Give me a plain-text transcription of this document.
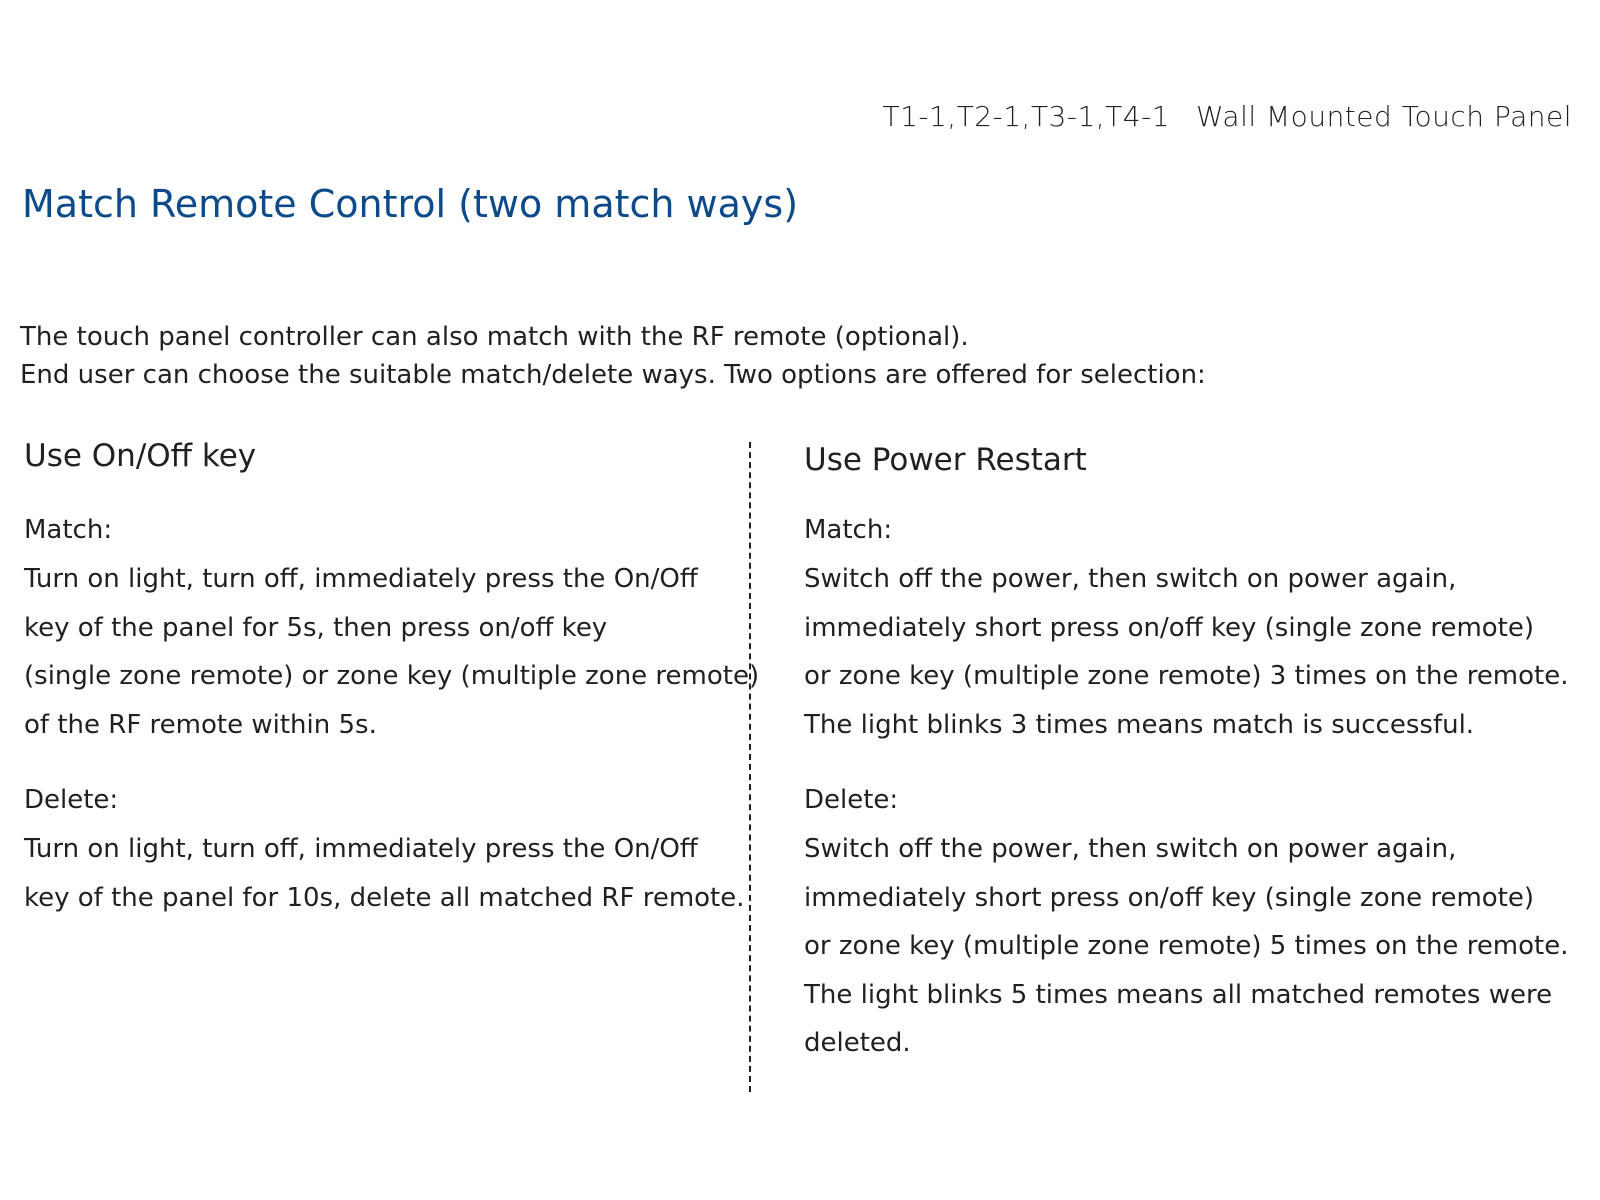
T1-1,T2-1,T3-1,T4-1 Wall Mounted Touch Panel
Match Remote Control (two match ways)
The touch panel controller can also match with the RF remote (optional).
End user can choose the suitable match/delete ways. Two options are offered for selection:
Use On/Off key
Match:
Turn on light, turn off, immediately press the On/Off
key of the panel for 5s, then press on/off key
(single zone remote) or zone key (multiple zone remote)
of the RF remote within 5s.
Delete:
Turn on light, turn off, immediately press the On/Off
key of the panel for 10s, delete all matched RF remote.
Use Power Restart
Match:
Switch off the power, then switch on power again,
immediately short press on/off key (single zone remote)
or zone key (multiple zone remote) 3 times on the remote.
The light blinks 3 times means match is successful.
Delete:
Switch off the power, then switch on power again,
immediately short press on/off key (single zone remote)
or zone key (multiple zone remote) 5 times on the remote.
The light blinks 5 times means all matched remotes were
deleted.
